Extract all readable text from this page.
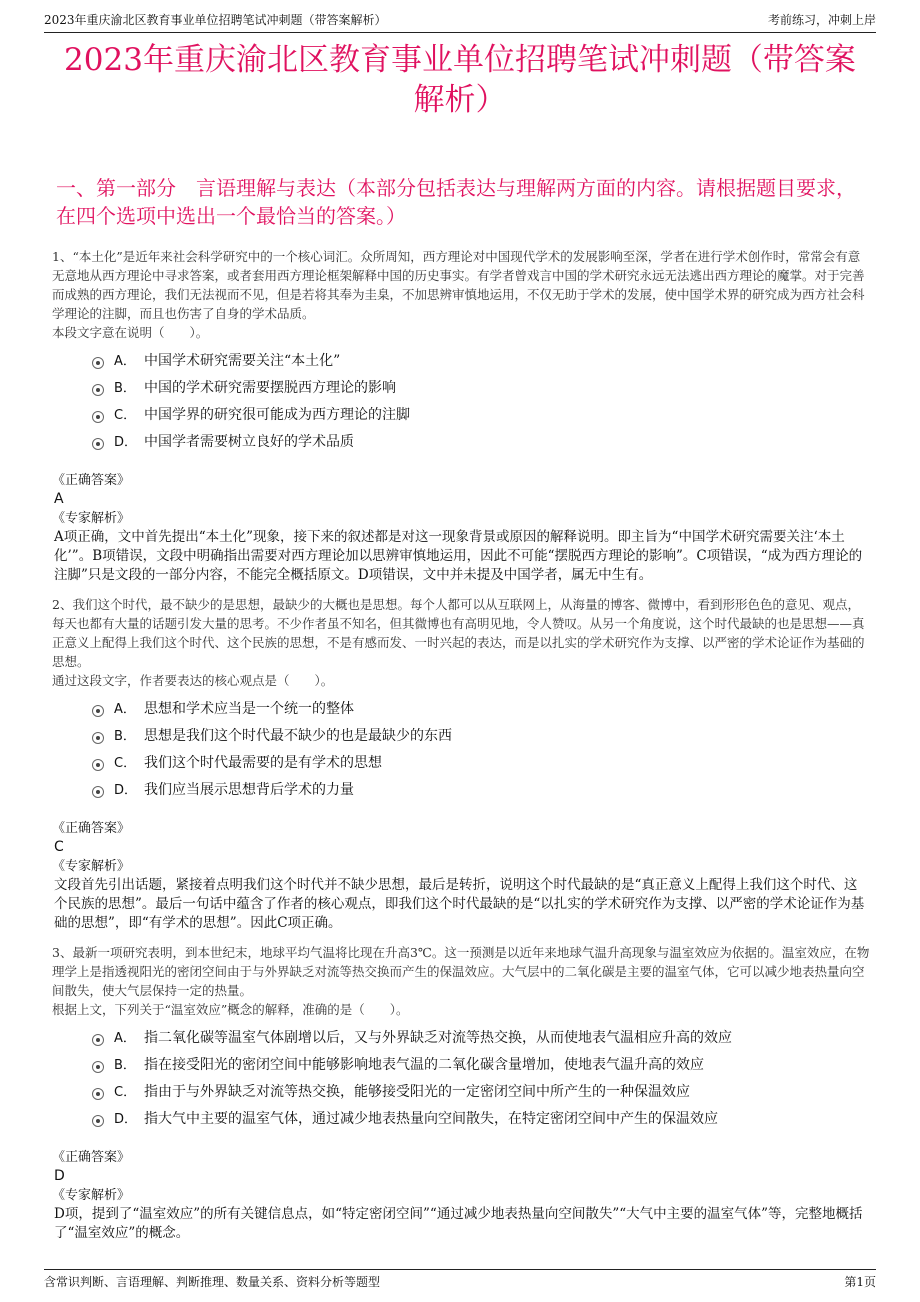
2023年重庆渝北区教育事业单位招聘笔试冲刺题（带答案解析）	考前练习，冲刺上岸
2023年重庆渝北区教育事业单位招聘笔试冲刺题（带答案解析）
一、第一部分　言语理解与表达（本部分包括表达与理解两方面的内容。请根据题目要求，在四个选项中选出一个最恰当的答案。）

1、“本土化”是近年来社会科学研究中的一个核心词汇。众所周知，西方理论对中国现代学术的发展影响至深，学者在进行学术创作时，常常会有意无意地从西方理论中寻求答案，或者套用西方理论框架解释中国的历史事实。有学者曾戏言中国的学术研究永远无法逃出西方理论的魔掌。对于完善而成熟的西方理论，我们无法视而不见，但是若将其奉为圭臬，不加思辨审慎地运用，不仅无助于学术的发展，使中国学术界的研究成为西方社会科学理论的注脚，而且也伤害了自身的学术品质。

本段文字意在说明（　　）。

A． 中国学术研究需要关注“本土化”
B． 中国的学术研究需要摆脱西方理论的影响
C． 中国学界的研究很可能成为西方理论的注脚
D． 中国学者需要树立良好的学术品质
《正确答案》
A
《专家解析》

A项正确，文中首先提出“本土化”现象，接下来的叙述都是对这一现象背景或原因的解释说明。即主旨为“中国学术研究需要关注‘本土化’”。B项错误，文段中明确指出需要对西方理论加以思辨审慎地运用，因此不可能“摆脱西方理论的影响”。C项错误，“成为西方理论的注脚”只是文段的一部分内容，不能完全概括原文。D项错误，文中并未提及中国学者，属无中生有。

2、我们这个时代，最不缺少的是思想，最缺少的大概也是思想。每个人都可以从互联网上，从海量的博客、微博中，看到形形色色的意见、观点，每天也都有大量的话题引发大量的思考。不少作者虽不知名，但其微博也有高明见地，令人赞叹。从另一个角度说，这个时代最缺的也是思想——真正意义上配得上我们这个时代、这个民族的思想，不是有感而发、一时兴起的表达，而是以扎实的学术研究作为支撑、以严密的学术论证作为基础的思想。

通过这段文字，作者要表达的核心观点是（　　）。

A． 思想和学术应当是一个统一的整体
B． 思想是我们这个时代最不缺少的也是最缺少的东西
C． 我们这个时代最需要的是有学术的思想
D． 我们应当展示思想背后学术的力量
《正确答案》
C
《专家解析》

文段首先引出话题，紧接着点明我们这个时代并不缺少思想，最后是转折，说明这个时代最缺的是“真正意义上配得上我们这个时代、这个民族的思想”。最后一句话中蕴含了作者的核心观点，即我们这个时代最缺的是“以扎实的学术研究作为支撑、以严密的学术论证作为基础的思想”，即“有学术的思想”。因此C项正确。

3、最新一项研究表明，到本世纪末，地球平均气温将比现在升高3℃。这一预测是以近年来地球气温升高现象与温室效应为依据的。温室效应，在物理学上是指透视阳光的密闭空间由于与外界缺乏对流等热交换而产生的保温效应。大气层中的二氧化碳是主要的温室气体，它可以减少地表热量向空间散失，使大气层保持一定的热量。

根据上文，下列关于“温室效应”概念的解释，准确的是（　　）。

A． 指二氧化碳等温室气体剧增以后，又与外界缺乏对流等热交换，从而使地表气温相应升高的效应
B． 指在接受阳光的密闭空间中能够影响地表气温的二氧化碳含量增加，使地表气温升高的效应
C． 指由于与外界缺乏对流等热交换，能够接受阳光的一定密闭空间中所产生的一种保温效应
D． 指大气中主要的温室气体，通过减少地表热量向空间散失，在特定密闭空间中产生的保温效应
《正确答案》
D
《专家解析》

D项，提到了“温室效应”的所有关键信息点，如“特定密闭空间”“通过减少地表热量向空间散失”“大气中主要的温室气体”等，完整地概括了“温室效应”的概念。

含常识判断、言语理解、判断推理、数量关系、资料分析等题型	第1页
